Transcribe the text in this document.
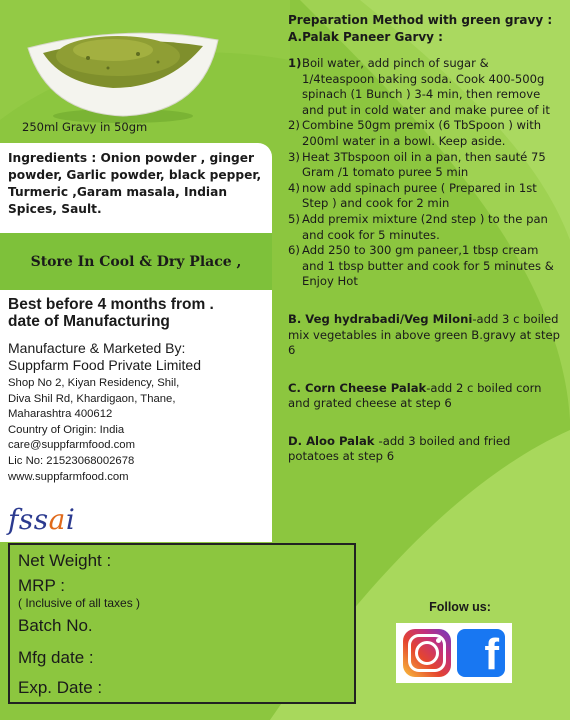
250ml Gravy in 50gm
Ingredients : Onion powder , ginger powder, Garlic powder, black pepper, Turmeric ,Garam masala, Indian Spices, Sault.
Store In Cool & Dry Place ,
Best before 4 months from .
date of Manufacturing
Manufacture & Marketed By:
Suppfarm Food Private Limited
Shop No 2, Kiyan Residency, Shil,
Diva Shil Rd, Khardigaon, Thane,
Maharashtra 400612
Country of Origin: India
care@suppfarmfood.com
Lic No: 21523068002678
www.suppfarmfood.com
fss a i
Net Weight :
MRP :
( Inclusive of all taxes )
Batch No.
Mfg date :
Exp. Date :
Preparation Method with green gravy :
A.Palak Paneer Garvy :
1) Boil water, add pinch of sugar & 1/4teaspoon baking soda. Cook 400-500g spinach (1 Bunch ) 3-4 min, then remove and put in cold water and make puree of it
2) Combine 50gm premix (6 TbSpoon ) with 200ml water in a bowl. Keep aside.
3) Heat 3Tbspoon oil in a pan, then sauté 75 Gram /1 tomato puree 5 min
4) now add spinach puree ( Prepared in 1st Step ) and cook for 2 min
5) Add premix mixture (2nd step ) to the pan and cook for 5 minutes.
6) Add 250 to 300 gm paneer,1 tbsp cream and 1 tbsp butter and cook for 5 minutes & Enjoy Hot
B. Veg hydrabadi/Veg Miloni-add 3 c boiled mix vegetables in above green B.gravy at step 6
C. Corn Cheese Palak-add 2 c boiled corn and grated cheese at step 6
D. Aloo Palak -add 3 boiled and fried potatoes at step 6
Follow us:
f
